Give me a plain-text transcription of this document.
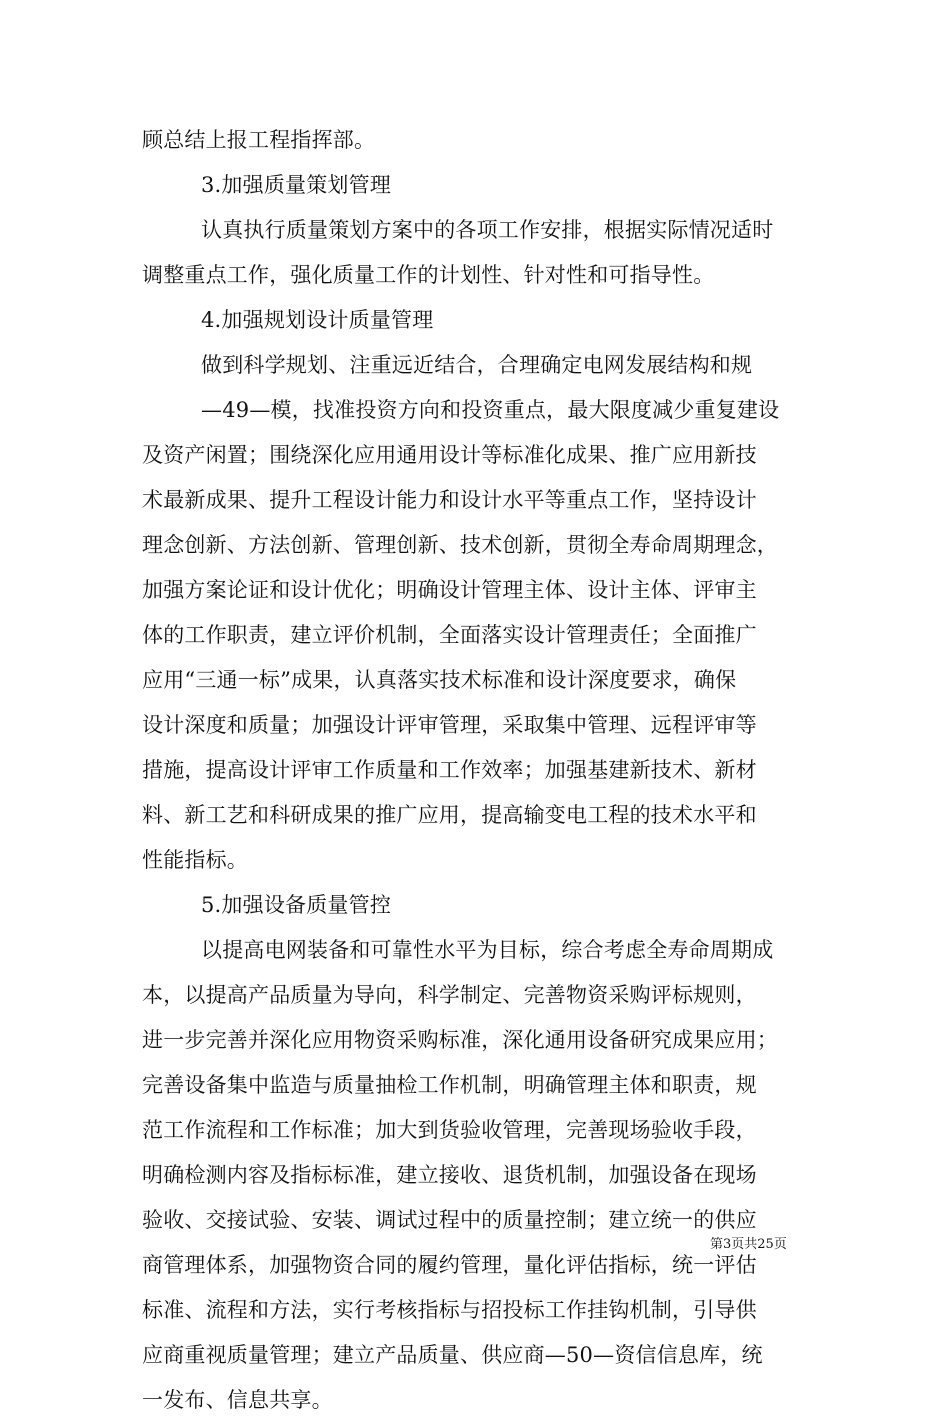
顾总结上报工程指挥部。
3.加强质量策划管理
认真执行质量策划方案中的各项工作安排，根据实际情况适时
调整重点工作，强化质量工作的计划性、针对性和可指导性。
4.加强规划设计质量管理
做到科学规划、注重远近结合，合理确定电网发展结构和规
—49—模，找准投资方向和投资重点，最大限度减少重复建设
及资产闲置；围绕深化应用通用设计等标准化成果、推广应用新技
术最新成果、提升工程设计能力和设计水平等重点工作，坚持设计
理念创新、方法创新、管理创新、技术创新，贯彻全寿命周期理念，
加强方案论证和设计优化；明确设计管理主体、设计主体、评审主
体的工作职责，建立评价机制，全面落实设计管理责任；全面推广
应用“三通一标”成果，认真落实技术标准和设计深度要求，确保
设计深度和质量；加强设计评审管理，采取集中管理、远程评审等
措施，提高设计评审工作质量和工作效率；加强基建新技术、新材
料、新工艺和科研成果的推广应用，提高输变电工程的技术水平和
性能指标。
5.加强设备质量管控
以提高电网装备和可靠性水平为目标，综合考虑全寿命周期成
本，以提高产品质量为导向，科学制定、完善物资采购评标规则，
进一步完善并深化应用物资采购标准，深化通用设备研究成果应用；
完善设备集中监造与质量抽检工作机制，明确管理主体和职责，规
范工作流程和工作标准；加大到货验收管理，完善现场验收手段，
明确检测内容及指标标准，建立接收、退货机制，加强设备在现场
验收、交接试验、安装、调试过程中的质量控制；建立统一的供应
商管理体系，加强物资合同的履约管理，量化评估指标，统一评估
标准、流程和方法，实行考核指标与招投标工作挂钩机制，引导供
应商重视质量管理；建立产品质量、供应商—50—资信信息库，统
一发布、信息共享。
第3页共25页
